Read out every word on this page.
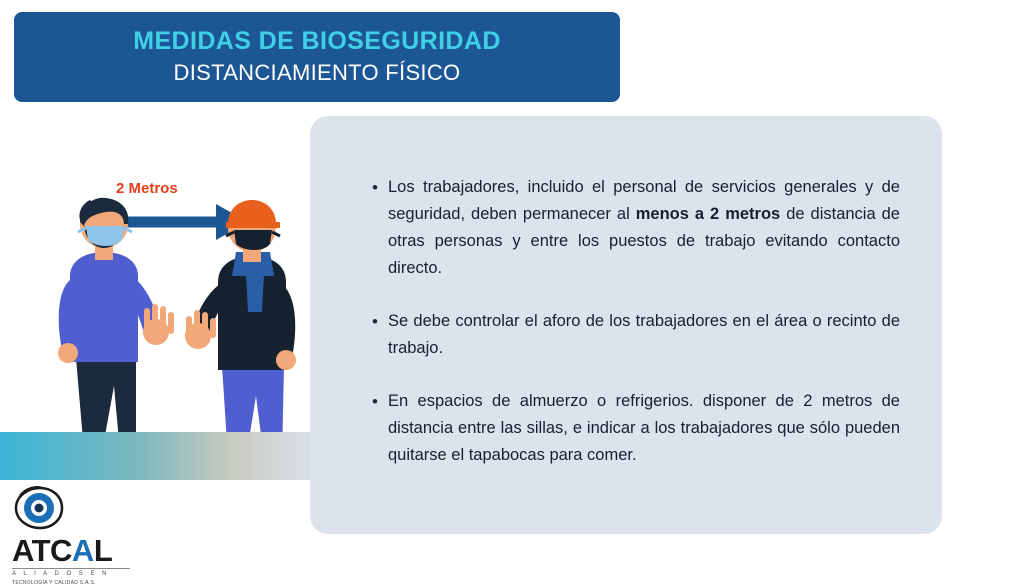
MEDIDAS DE BIOSEGURIDAD
DISTANCIAMIENTO FÍSICO
2 Metros	• Los trabajadores, incluido el personal de servicios generales y de seguridad, deben permanecer al menos a 2 metros de distancia de otras personas y entre los puestos de trabajo evitando contacto directo.
• Se debe controlar el aforo de los trabajadores en el área o recinto de trabajo.
• En espacios de almuerzo o refrigerios. disponer de 2 metros de distancia entre las sillas, e indicar a los trabajadores que sólo pueden quitarse el tapabocas para comer.
ATCAL
A L I A D O S E N
TECNOLOGÍA Y CALIDAD S.A.S.
